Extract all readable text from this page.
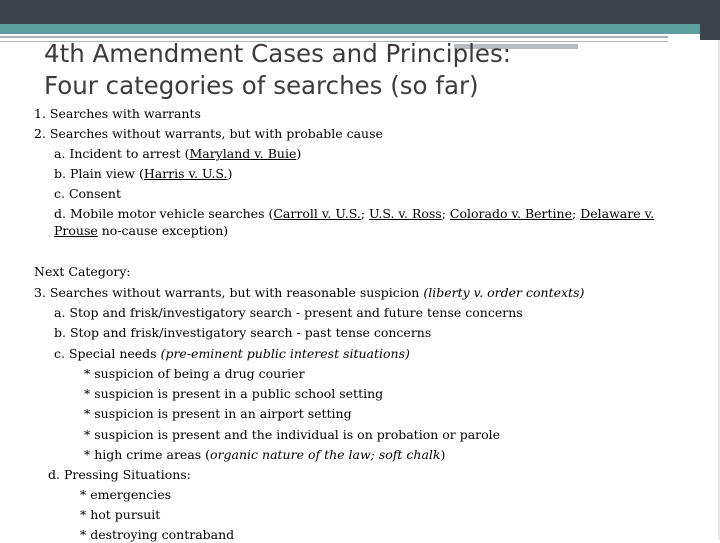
4th Amendment Cases and Principles:
Four categories of searches (so far)
1. Searches with warrants
2. Searches without warrants, but with probable cause
a. Incident to arrest (Maryland v. Buie)
b. Plain view (Harris v. U.S.)
c. Consent
d. Mobile motor vehicle searches (Carroll v. U.S.; U.S. v. Ross; Colorado v. Bertine; Delaware v.
Prouse no-cause exception)
Next Category:
3. Searches without warrants, but with reasonable suspicion (liberty v. order contexts)
a. Stop and frisk/investigatory search - present and future tense concerns
b. Stop and frisk/investigatory search - past tense concerns
c. Special needs (pre-eminent public interest situations)
* suspicion of being a drug courier
* suspicion is present in a public school setting
* suspicion is present in an airport setting
* suspicion is present and the individual is on probation or parole
* high crime areas (organic nature of the law; soft chalk)
d. Pressing Situations:
* emergencies
* hot pursuit
* destroying contraband
